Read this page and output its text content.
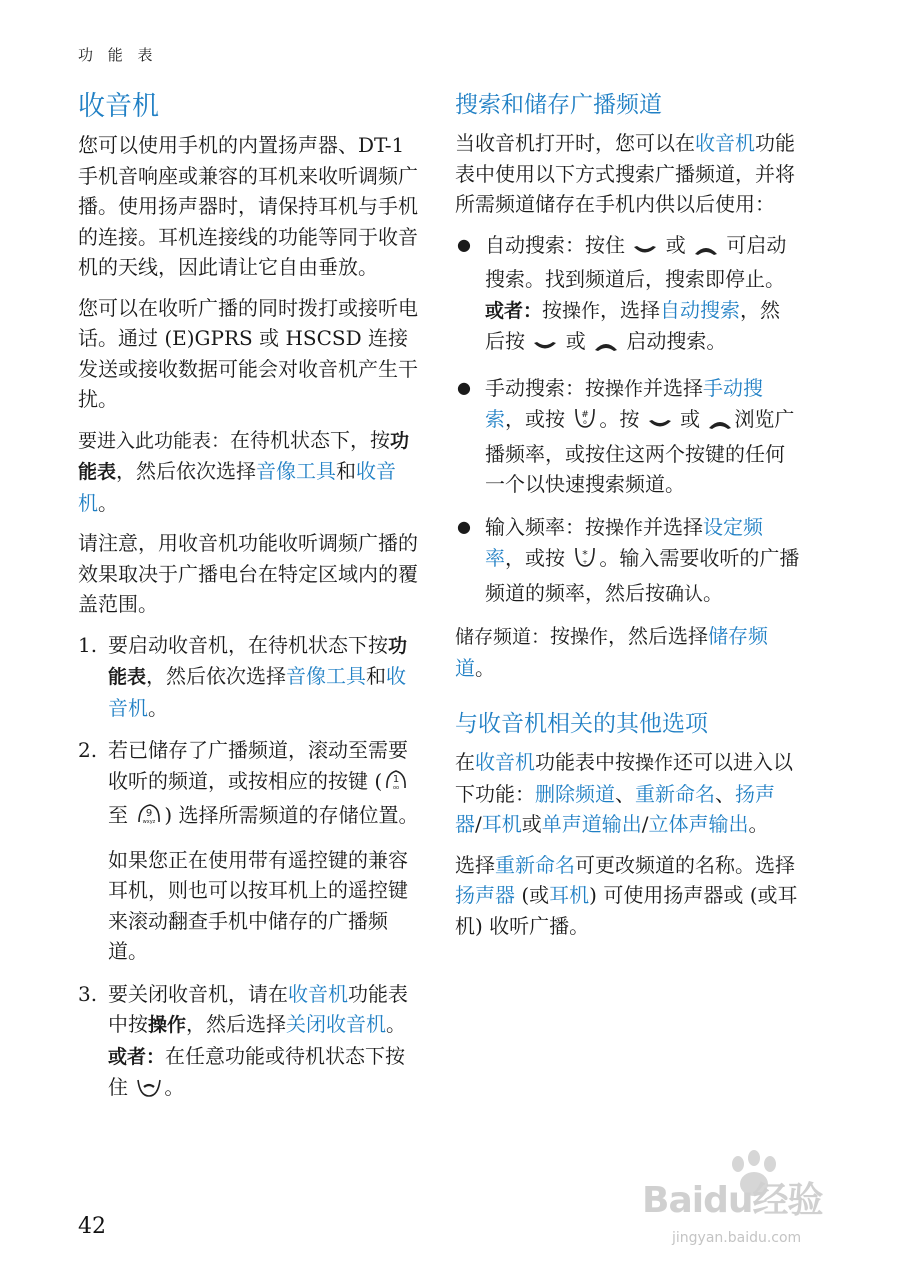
功 能 表
收音机

您可以使用手机的内置扬声器、DT-1 手机音响座或兼容的耳机来收听调频广播。使用扬声器时，请保持耳机与手机的连接。耳机连接线的功能等同于收音机的天线，因此请让它自由垂放。

您可以在收听广播的同时拨打或接听电话。通过 (E)GPRS 或 HSCSD 连接发送或接收数据可能会对收音机产生干扰。

要进入此功能表：在待机状态下，按功能表，然后依次选择音像工具和收音机。

请注意，用收音机功能收听调频广播的效果取决于广播电台在特定区域内的覆盖范围。

1. 要启动收音机，在待机状态下按功能表，然后依次选择音像工具和收音机。
2. 若已储存了广播频道，滚动至需要收听的频道，或按相应的按键 ( 1
oo
至 9
wxyz ) 选择所需频道的存储位置。

如果您正在使用带有遥控键的兼容耳机，则也可以按耳机上的遥控键来滚动翻查手机中储存的广播频道。

3. 要关闭收音机，请在收音机功能表中按操作，然后选择关闭收音机。或者：在任意功能或待机状态下按住 。
搜索和储存广播频道

当收音机打开时，您可以在收音机功能表中使用以下方式搜索广播频道，并将所需频道储存在手机内供以后使用：

● 自动搜索：按住  或  可启动搜索。找到频道后，搜索即停止。或者：按操作，选择自动搜索，然后按  或  启动搜索。
● 手动搜索：按操作并选择手动搜索，或按 #
o 。按  或 浏览广播频率，或按住这两个按键的任何一个以快速搜索频道。
● 输入频率：按操作并选择设定频率，或按 *
+ 。输入需要收听的广播频道的频率，然后按确认。

储存频道：按操作，然后选择储存频道。

与收音机相关的其他选项

在收音机功能表中按操作还可以进入以下功能：删除频道、重新命名、扬声器/耳机或单声道输出/立体声输出。

选择重新命名可更改频道的名称。选择扬声器 (或耳机) 可使用扬声器或 (或耳机) 收听广播。

42
Baidu经验
jingyan.baidu.com
